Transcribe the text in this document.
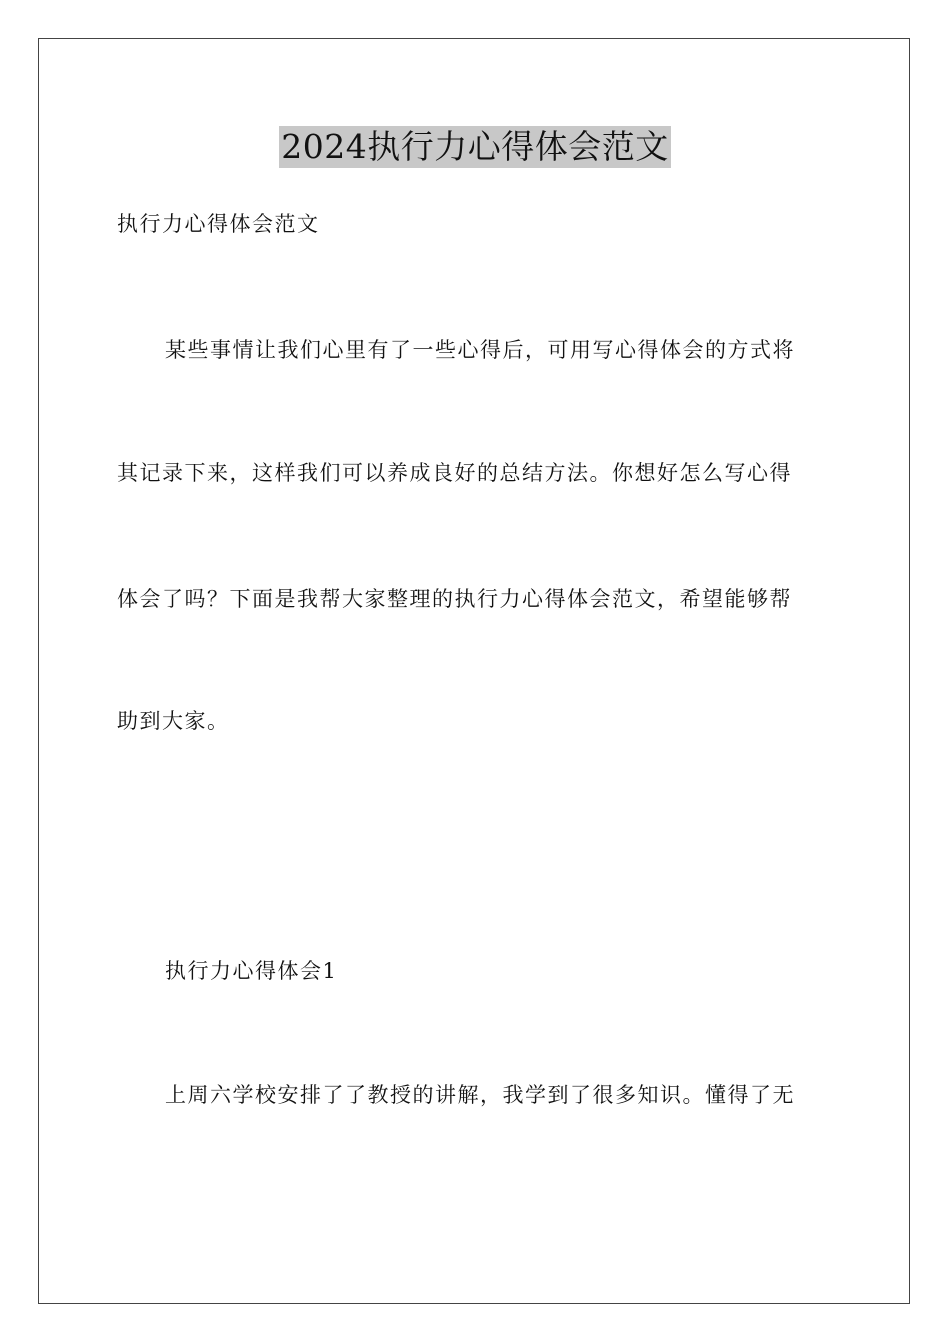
2024执行力心得体会范文
执行力心得体会范文
某些事情让我们心里有了一些心得后，可用写心得体会的方式将
其记录下来，这样我们可以养成良好的总结方法。你想好怎么写心得
体会了吗？下面是我帮大家整理的执行力心得体会范文，希望能够帮
助到大家。
执行力心得体会1
上周六学校安排了了教授的讲解，我学到了很多知识。懂得了无
